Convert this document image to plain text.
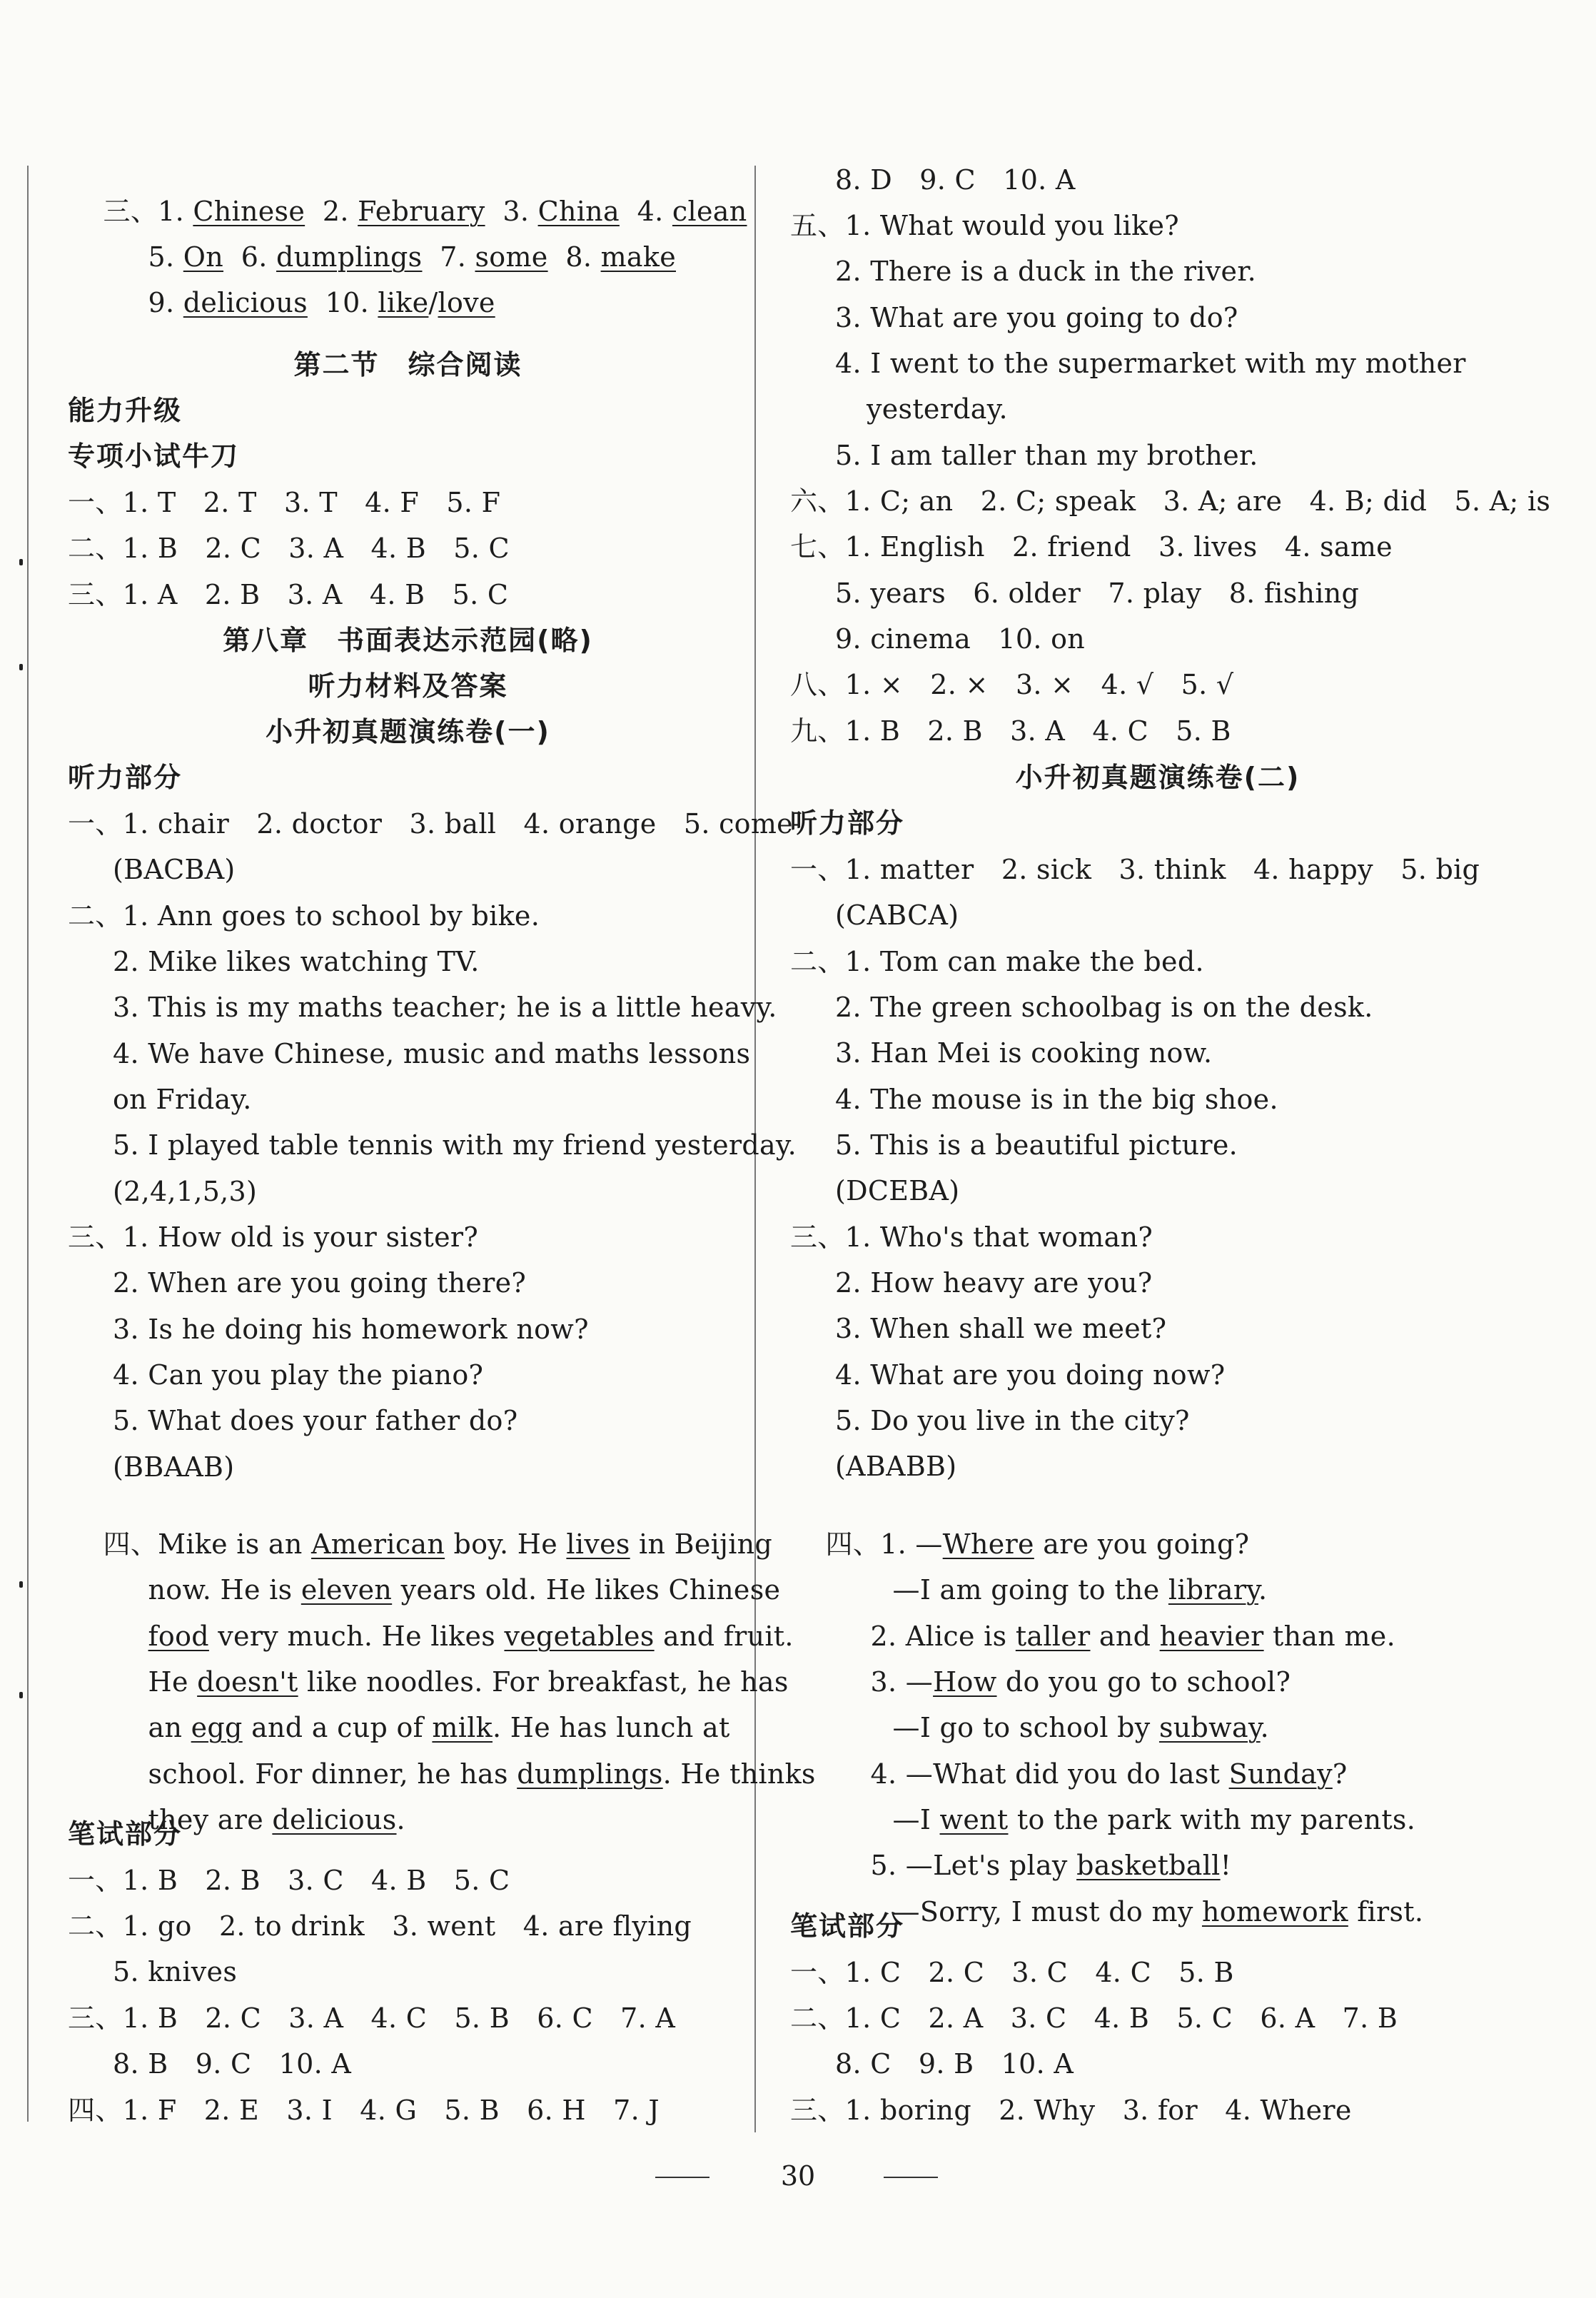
三、1. Chinese  2. February  3. China  4. clean

5. On  6. dumplings  7. some  8. make

9. delicious  10. like/love

第二节　综合阅读
能力升级
专项小试牛刀
一、1. T　2. T　3. T　4. F　5. F
二、1. B　2. C　3. A　4. B　5. C
三、1. A　2. B　3. A　4. B　5. C
第八章　书面表达示范园(略)
听力材料及答案
小升初真题演练卷(一)
听力部分
一、1. chair　2. doctor　3. ball　4. orange　5. come
(BACBA)
二、1. Ann goes to school by bike.
2. Mike likes watching TV.
3. This is my maths teacher; he is a little heavy.
4. We have Chinese, music and maths lessons
on Friday.
5. I played table tennis with my friend yesterday.
(2,4,1,5,3)
三、1. How old is your sister?
2. When are you going there?
3. Is he doing his homework now?
4. Can you play the piano?
5. What does your father do?
(BBAAB)

四、Mike is an American boy. He lives in Beijing

now. He is eleven years old. He likes Chinese

food very much. He likes vegetables and fruit.

He doesn't like noodles. For breakfast, he has

an egg and a cup of milk. He has lunch at

school. For dinner, he has dumplings. He thinks

they are delicious.

笔试部分
一、1. B　2. B　3. C　4. B　5. C
二、1. go　2. to drink　3. went　4. are flying
5. knives
三、1. B　2. C　3. A　4. C　5. B　6. C　7. A
8. B　9. C　10. A
四、1. F　2. E　3. I　4. G　5. B　6. H　7. J
8. D　9. C　10. A
五、1. What would you like?
2. There is a duck in the river.
3. What are you going to do?
4. I went to the supermarket with my mother
yesterday.
5. I am taller than my brother.
六、1. C; an　2. C; speak　3. A; are　4. B; did　5. A; is
七、1. English　2. friend　3. lives　4. same
5. years　6. older　7. play　8. fishing
9. cinema　10. on
八、1. ×　2. ×　3. ×　4. √　5. √
九、1. B　2. B　3. A　4. C　5. B
小升初真题演练卷(二)
听力部分
一、1. matter　2. sick　3. think　4. happy　5. big
(CABCA)
二、1. Tom can make the bed.
2. The green schoolbag is on the desk.
3. Han Mei is cooking now.
4. The mouse is in the big shoe.
5. This is a beautiful picture.
(DCEBA)
三、1. Who's that woman?
2. How heavy are you?
3. When shall we meet?
4. What are you doing now?
5. Do you live in the city?
(ABABB)

四、1. —Where are you going?

—I am going to the library.

2. Alice is taller and heavier than me.

3. —How do you go to school?

—I go to school by subway.

4. —What did you do last Sunday?

—I went to the park with my parents.

5. —Let's play basketball!

—Sorry, I must do my homework first.

笔试部分
一、1. C　2. C　3. C　4. C　5. B
二、1. C　2. A　3. C　4. B　5. C　6. A　7. B
8. C　9. B　10. A
三、1. boring　2. Why　3. for　4. Where
30
